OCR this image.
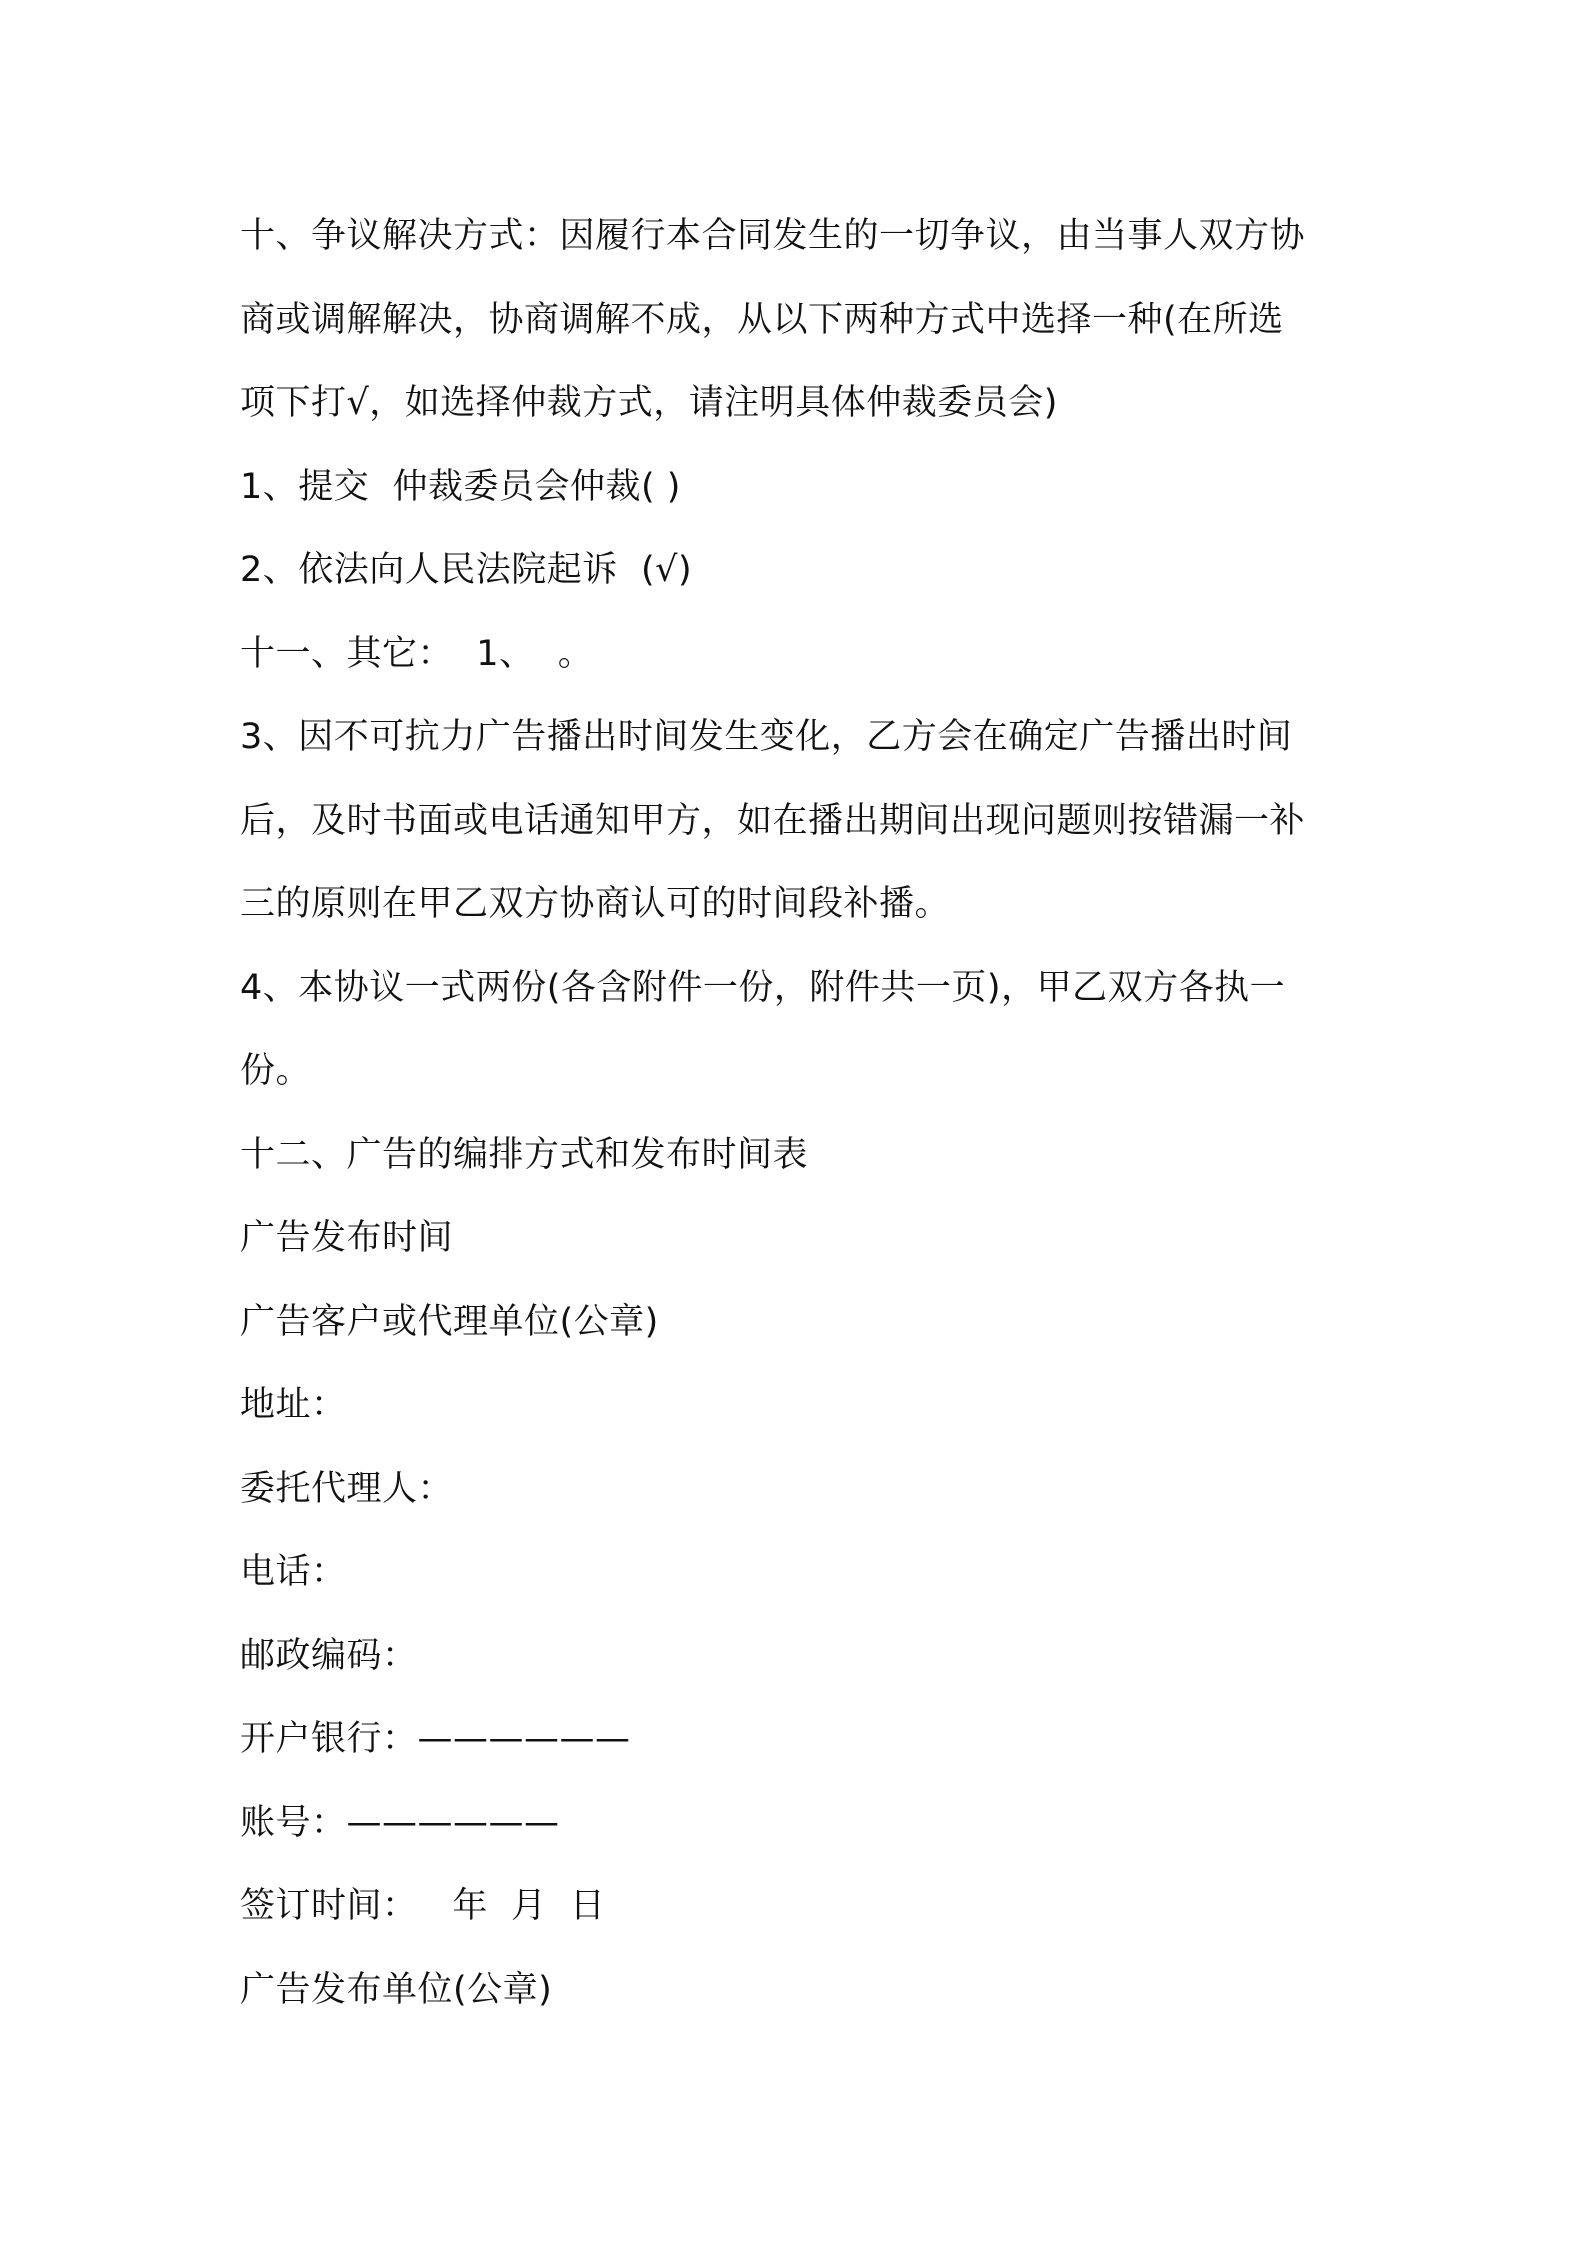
十、争议解决方式：因履行本合同发生的一切争议，由当事人双方协
商或调解解决，协商调解不成，从以下两种方式中选择一种(在所选
项下打√，如选择仲裁方式，请注明具体仲裁委员会)
1、提交  仲裁委员会仲裁( )
2、依法向人民法院起诉  (√)
十一、其它：  1、  。
3、因不可抗力广告播出时间发生变化，乙方会在确定广告播出时间
后，及时书面或电话通知甲方，如在播出期间出现问题则按错漏一补
三的原则在甲乙双方协商认可的时间段补播。
4、本协议一式两份(各含附件一份，附件共一页)，甲乙双方各执一
份。
十二、广告的编排方式和发布时间表
广告发布时间
广告客户或代理单位(公章)
地址：
委托代理人：
电话：
邮政编码：
开户银行：——————
账号：——————
签订时间：   年  月  日
广告发布单位(公章)
